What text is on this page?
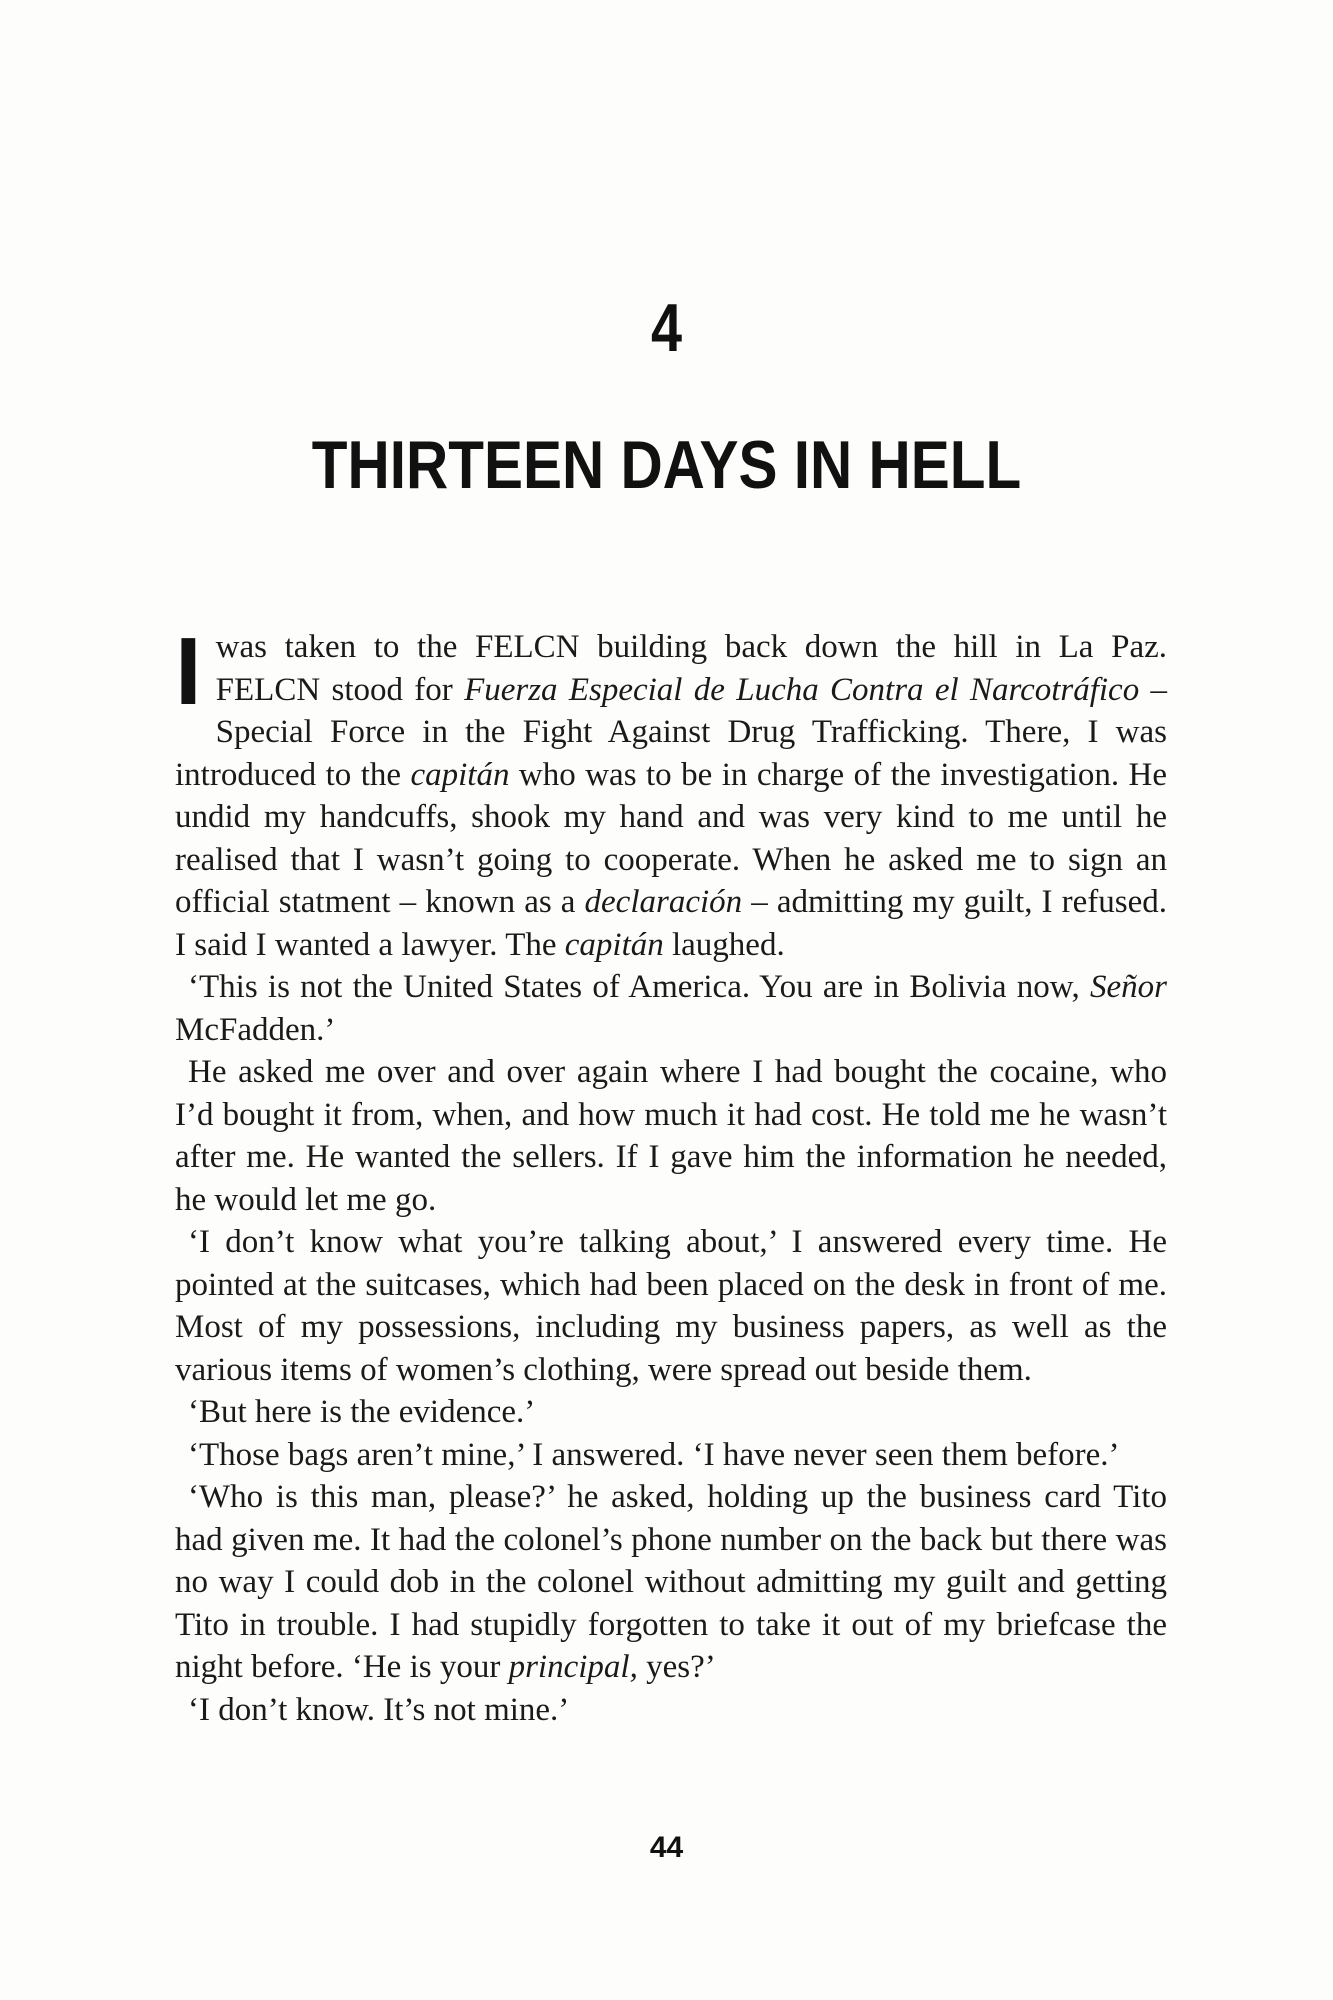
4
THIRTEEN DAYS IN HELL

I was taken to the FELCN building back down the hill in La Paz. FELCN stood for Fuerza Especial de Lucha Contra el Narcotráfico – Special Force in the Fight Against Drug Trafficking. There, I was introduced to the capitán who was to be in charge of the investigation. He undid my handcuffs, shook my hand and was very kind to me until he realised that I wasn’t going to cooperate. When he asked me to sign an official statment – known as a declaración – admitting my guilt, I refused. I said I wanted a lawyer. The capitán laughed.

‘This is not the United States of America. You are in Bolivia now, Señor McFadden.’

He asked me over and over again where I had bought the cocaine, who I’d bought it from, when, and how much it had cost. He told me he wasn’t after me. He wanted the sellers. If I gave him the information he needed, he would let me go.

‘I don’t know what you’re talking about,’ I answered every time. He pointed at the suitcases, which had been placed on the desk in front of me. Most of my possessions, including my business papers, as well as the various items of women’s clothing, were spread out beside them.

‘But here is the evidence.’

‘Those bags aren’t mine,’ I answered. ‘I have never seen them before.’

‘Who is this man, please?’ he asked, holding up the business card Tito had given me. It had the colonel’s phone number on the back but there was no way I could dob in the colonel without admitting my guilt and getting Tito in trouble. I had stupidly forgotten to take it out of my briefcase the night before. ‘He is your principal, yes?’

‘I don’t know. It’s not mine.’

44
